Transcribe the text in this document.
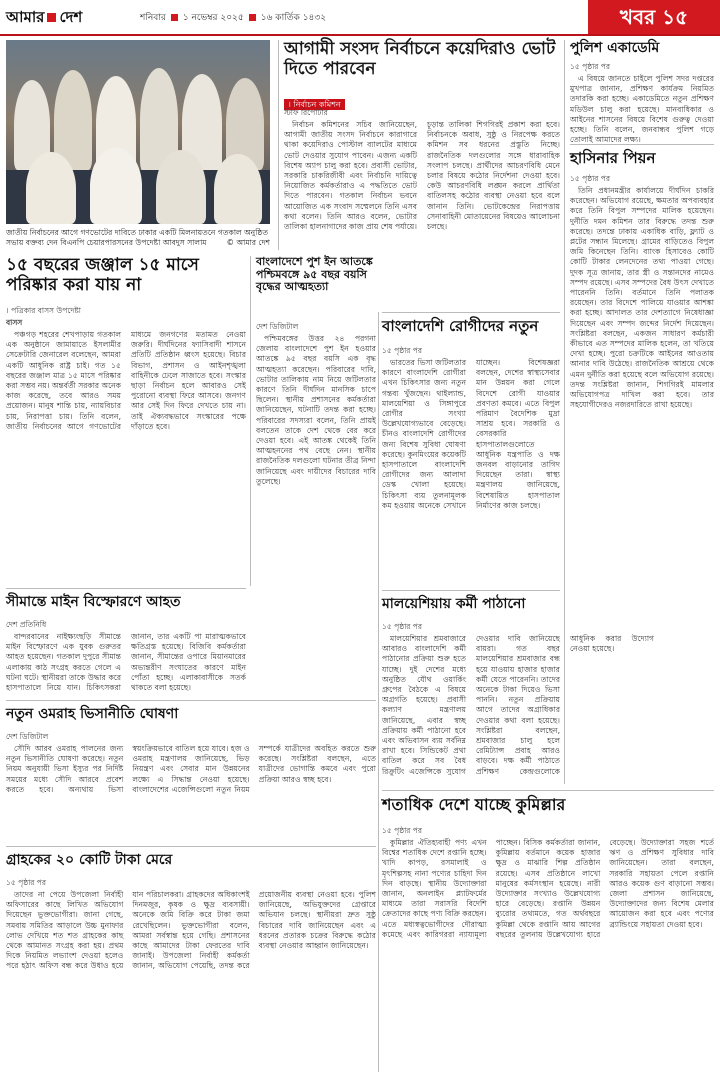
আমার দেশ	শনিবার ১ নভেম্বর ২০২৫ ১৬ কার্তিক ১৪৩২	খবর ১৫
জাতীয় নির্বাচনের আগে গণভোটের দাবিতে ঢাকার একটি মিলনায়তনে গতকাল অনুষ্ঠিত সভায় বক্তব্য দেন বিএনপি চেয়ারপারসনের উপদেষ্টা আবদুস সালাম	© আমার দেশ
১৫ বছরের জঞ্জাল ১৫ মাসে পরিষ্কার করা যায় না
। পত্রিকার বাসস উপদেষ্টা
বাসস

পঞ্চগড় শহরের শেখপাড়ায় গতকাল এক অনুষ্ঠানে জামায়াতে ইসলামীর সেক্রেটারি জেনারেল বলেছেন, আমরা একটি আধুনিক রাষ্ট্র চাই। গত ১৫ বছরের জঞ্জাল মাত্র ১৫ মাসে পরিষ্কার করা সম্ভব নয়। অন্তর্বর্তী সরকার অনেক কাজ করেছে, তবে আরও সময় প্রয়োজন। মানুষ শান্তি চায়, ন্যায়বিচার চায়, নিরাপত্তা চায়। তিনি বলেন, জাতীয় নির্বাচনের আগে গণভোটের মাধ্যমে জনগণের মতামত নেওয়া জরুরি। দীর্ঘদিনের ফ্যাসিবাদী শাসনে প্রতিটি প্রতিষ্ঠান ধ্বংস হয়েছে। বিচার বিভাগ, প্রশাসন ও আইনশৃঙ্খলা বাহিনীকে ঢেলে সাজাতে হবে। সংস্কার ছাড়া নির্বাচন হলে আবারও সেই পুরোনো ব্যবস্থা ফিরে আসবে। জনগণ আর সেই দিন ফিরে দেখতে চায় না। তাই ঐক্যবদ্ধভাবে সংস্কারের পক্ষে দাঁড়াতে হবে।

বাংলাদেশে পুশ ইন আতঙ্কে পশ্চিমবঙ্গে ৯৫ বছর বয়সি বৃদ্ধের আত্মহত্যা
দেশ ডিজিটাল

পশ্চিমবঙ্গের উত্তর ২৪ পরগনা জেলায় বাংলাদেশে পুশ ইন হওয়ার আতঙ্কে ৯৫ বছর বয়সি এক বৃদ্ধ আত্মহত্যা করেছেন। পরিবারের দাবি, ভোটার তালিকায় নাম নিয়ে জটিলতার কারণে তিনি দীর্ঘদিন মানসিক চাপে ছিলেন। স্থানীয় প্রশাসনের কর্মকর্তারা জানিয়েছেন, ঘটনাটি তদন্ত করা হচ্ছে। পরিবারের সদস্যরা বলেন, তিনি প্রায়ই বলতেন তাকে দেশ থেকে বের করে দেওয়া হবে। এই আতঙ্ক থেকেই তিনি আত্মহননের পথ বেছে নেন। স্থানীয় রাজনৈতিক দলগুলো ঘটনার তীব্র নিন্দা জানিয়েছে এবং দায়ীদের বিচারের দাবি তুলেছে।

সীমান্তে মাইন বিস্ফোরণে আহত
দেশ প্রতিনিধি

বান্দরবানের নাইক্ষ্যংছড়ি সীমান্তে মাইন বিস্ফোরণে এক যুবক গুরুতর আহত হয়েছেন। গতকাল দুপুরে সীমান্ত এলাকায় কাঠ সংগ্রহ করতে গেলে এ ঘটনা ঘটে। স্থানীয়রা তাকে উদ্ধার করে হাসপাতালে নিয়ে যান। চিকিৎসকরা জানান, তার একটি পা মারাত্মকভাবে ক্ষতিগ্রস্ত হয়েছে। বিজিবি কর্মকর্তারা জানান, সীমান্তের ওপারে মিয়ানমারের অভ্যন্তরীণ সংঘাতের কারণে মাইন পোঁতা হচ্ছে। এলাকাবাসীকে সতর্ক থাকতে বলা হয়েছে।

নতুন ওমরাহ ভিসানীতি ঘোষণা
দেশ ডিজিটাল

সৌদি আরব ওমরাহ পালনের জন্য নতুন ভিসানীতি ঘোষণা করেছে। নতুন নিয়ম অনুযায়ী ভিসা ইস্যুর পর নির্দিষ্ট সময়ের মধ্যে সৌদি আরবে প্রবেশ করতে হবে। অন্যথায় ভিসা স্বয়ংক্রিয়ভাবে বাতিল হয়ে যাবে। হজ ও ওমরাহ মন্ত্রণালয় জানিয়েছে, ভিড় নিয়ন্ত্রণ এবং সেবার মান উন্নয়নের লক্ষ্যে এ সিদ্ধান্ত নেওয়া হয়েছে। বাংলাদেশের এজেন্সিগুলো নতুন নিয়ম সম্পর্কে যাত্রীদের অবহিত করতে শুরু করেছে। সংশ্লিষ্টরা বলছেন, এতে যাত্রীদের ভোগান্তি কমবে এবং পুরো প্রক্রিয়া আরও স্বচ্ছ হবে।

গ্রাহকের ২০ কোটি টাকা মেরে
১৫ পৃষ্ঠার পর

তাদের না পেয়ে উপজেলা নির্বাহী অফিসারের কাছে লিখিত অভিযোগ দিয়েছেন ভুক্তভোগীরা। জানা গেছে, সমবায় সমিতির আড়ালে উচ্চ মুনাফার লোভ দেখিয়ে শত শত গ্রাহকের কাছ থেকে আমানত সংগ্রহ করা হয়। প্রথম দিকে নিয়মিত লভ্যাংশ দেওয়া হলেও পরে হঠাৎ অফিস বন্ধ করে উধাও হয়ে যান পরিচালকরা। গ্রাহকদের অধিকাংশই দিনমজুর, কৃষক ও ক্ষুদ্র ব্যবসায়ী। অনেকে জমি বিক্রি করে টাকা জমা রেখেছিলেন। ভুক্তভোগীরা বলেন, আমরা সর্বস্বান্ত হয়ে গেছি। প্রশাসনের কাছে আমাদের টাকা ফেরতের দাবি জানাই। উপজেলা নির্বাহী কর্মকর্তা জানান, অভিযোগ পেয়েছি, তদন্ত করে প্রয়োজনীয় ব্যবস্থা নেওয়া হবে। পুলিশ জানিয়েছে, অভিযুক্তদের গ্রেপ্তারে অভিযান চলছে। স্থানীয়রা দ্রুত সুষ্ঠু বিচারের দাবি জানিয়েছেন এবং এ ধরনের প্রতারক চক্রের বিরুদ্ধে কঠোর ব্যবস্থা নেওয়ার আহ্বান জানিয়েছেন।

আগামী সংসদ নির্বাচনে কয়েদিরাও ভোট দিতে পারবেন
। নির্বাচন কমিশন
স্টাফ রিপোর্টার

নির্বাচন কমিশনের সচিব জানিয়েছেন, আগামী জাতীয় সংসদ নির্বাচনে কারাগারে থাকা কয়েদিরাও পোস্টাল ব্যালটের মাধ্যমে ভোট দেওয়ার সুযোগ পাবেন। এজন্য একটি বিশেষ অ্যাপ চালু করা হবে। প্রবাসী ভোটার, সরকারি চাকরিজীবী এবং নির্বাচনি দায়িত্বে নিয়োজিত কর্মকর্তারাও এ পদ্ধতিতে ভোট দিতে পারবেন। গতকাল নির্বাচন ভবনে আয়োজিত এক সংবাদ সম্মেলনে তিনি এসব কথা বলেন। তিনি আরও বলেন, ভোটার তালিকা হালনাগাদের কাজ প্রায় শেষ পর্যায়ে। চূড়ান্ত তালিকা শিগগিরই প্রকাশ করা হবে। নির্বাচনকে অবাধ, সুষ্ঠু ও নিরপেক্ষ করতে কমিশন সব ধরনের প্রস্তুতি নিচ্ছে। রাজনৈতিক দলগুলোর সঙ্গে ধারাবাহিক সংলাপ চলছে। প্রার্থীদের আচরণবিধি মেনে চলার বিষয়ে কঠোর নির্দেশনা দেওয়া হবে। কেউ আচরণবিধি লঙ্ঘন করলে প্রার্থিতা বাতিলসহ কঠোর ব্যবস্থা নেওয়া হবে বলে জানান তিনি। ভোটকেন্দ্রের নিরাপত্তায় সেনাবাহিনী মোতায়েনের বিষয়েও আলোচনা চলছে।

বাংলাদেশি রোগীদের নতুন
১৫ পৃষ্ঠার পর

ভারতের ভিসা জটিলতার কারণে বাংলাদেশি রোগীরা এখন চিকিৎসার জন্য নতুন গন্তব্য খুঁজছেন। থাইল্যান্ড, মালয়েশিয়া ও সিঙ্গাপুরে রোগীর সংখ্যা উল্লেখযোগ্যভাবে বেড়েছে। চীনও বাংলাদেশি রোগীদের জন্য বিশেষ সুবিধা ঘোষণা করেছে। কুনমিংয়ের কয়েকটি হাসপাতালে বাংলাদেশি রোগীদের জন্য আলাদা ডেস্ক খোলা হয়েছে। চিকিৎসা ব্যয় তুলনামূলক কম হওয়ায় অনেকে সেখানে যাচ্ছেন। বিশেষজ্ঞরা বলছেন, দেশের স্বাস্থ্যসেবার মান উন্নয়ন করা গেলে বিদেশে রোগী যাওয়ার প্রবণতা কমবে। এতে বিপুল পরিমাণ বৈদেশিক মুদ্রা সাশ্রয় হবে। সরকারি ও বেসরকারি হাসপাতালগুলোতে আধুনিক যন্ত্রপাতি ও দক্ষ জনবল বাড়ানোর তাগিদ দিয়েছেন তারা। স্বাস্থ্য মন্ত্রণালয় জানিয়েছে, বিশেষায়িত হাসপাতাল নির্মাণের কাজ চলছে।

মালয়েশিয়ায় কর্মী পাঠানো
১৫ পৃষ্ঠার পর

মালয়েশিয়ার শ্রমবাজারে আবারও বাংলাদেশি কর্মী পাঠানোর প্রক্রিয়া শুরু হতে যাচ্ছে। দুই দেশের মধ্যে অনুষ্ঠিত যৌথ ওয়ার্কিং গ্রুপের বৈঠকে এ বিষয়ে অগ্রগতি হয়েছে। প্রবাসী কল্যাণ মন্ত্রণালয় জানিয়েছে, এবার স্বচ্ছ প্রক্রিয়ায় কর্মী পাঠানো হবে এবং অভিবাসন ব্যয় সর্বনিম্ন রাখা হবে। সিন্ডিকেট প্রথা বাতিল করে সব বৈধ রিক্রুটিং এজেন্সিকে সুযোগ দেওয়ার দাবি জানিয়েছে বায়রা। গত বছর মালয়েশিয়ার শ্রমবাজার বন্ধ হয়ে যাওয়ায় হাজার হাজার কর্মী যেতে পারেননি। তাদের অনেকে টাকা দিয়েও ভিসা পাননি। নতুন প্রক্রিয়ায় আগে তাদের অগ্রাধিকার দেওয়ার কথা বলা হয়েছে। সংশ্লিষ্টরা বলছেন, শ্রমবাজার চালু হলে রেমিট্যান্স প্রবাহ আরও বাড়বে। দক্ষ কর্মী পাঠাতে প্রশিক্ষণ কেন্দ্রগুলোকে আধুনিক করার উদ্যোগ নেওয়া হয়েছে।

শতাধিক দেশে যাচ্ছে কুমিল্লার
১৫ পৃষ্ঠার পর

কুমিল্লার ঐতিহ্যবাহী পণ্য এখন বিশ্বের শতাধিক দেশে রপ্তানি হচ্ছে। খাদি কাপড়, রসমালাই ও মৃৎশিল্পসহ নানা পণ্যের চাহিদা দিন দিন বাড়ছে। স্থানীয় উদ্যোক্তারা জানান, অনলাইন প্ল্যাটফর্মের মাধ্যমে তারা সরাসরি বিদেশি ক্রেতাদের কাছে পণ্য বিক্রি করছেন। এতে মধ্যস্বত্বভোগীদের দৌরাত্ম্য কমেছে এবং কারিগররা ন্যায্যমূল্য পাচ্ছেন। বিসিক কর্মকর্তারা জানান, কুমিল্লায় বর্তমানে কয়েক হাজার ক্ষুদ্র ও মাঝারি শিল্প প্রতিষ্ঠান রয়েছে। এসব প্রতিষ্ঠানে লাখো মানুষের কর্মসংস্থান হয়েছে। নারী উদ্যোক্তার সংখ্যাও উল্লেখযোগ্য হারে বেড়েছে। রপ্তানি উন্নয়ন ব্যুরোর তথ্যমতে, গত অর্থবছরে কুমিল্লা থেকে রপ্তানি আয় আগের বছরের তুলনায় উল্লেখযোগ্য হারে বেড়েছে। উদ্যোক্তারা সহজ শর্তে ঋণ ও প্রশিক্ষণ সুবিধার দাবি জানিয়েছেন। তারা বলছেন, সরকারি সহায়তা পেলে রপ্তানি আরও কয়েক গুণ বাড়ানো সম্ভব। জেলা প্রশাসন জানিয়েছে, উদ্যোক্তাদের জন্য বিশেষ মেলার আয়োজন করা হবে এবং পণ্যের ব্র্যান্ডিংয়ে সহায়তা দেওয়া হবে।

পুলিশ একাডেমি
১৫ পৃষ্ঠার পর

এ বিষয়ে জানতে চাইলে পুলিশ সদর দপ্তরের মুখপাত্র জানান, প্রশিক্ষণ কার্যক্রম নিয়মিত তদারকি করা হচ্ছে। একাডেমিতে নতুন প্রশিক্ষণ মডিউল চালু করা হয়েছে। মানবাধিকার ও আইনের শাসনের বিষয়ে বিশেষ গুরুত্ব দেওয়া হচ্ছে। তিনি বলেন, জনবান্ধব পুলিশ গড়ে তোলাই আমাদের লক্ষ্য।

হাসিনার পিয়ন
১৫ পৃষ্ঠার পর

তিনি প্রধানমন্ত্রীর কার্যালয়ে দীর্ঘদিন চাকরি করেছেন। অভিযোগ রয়েছে, ক্ষমতার অপব্যবহার করে তিনি বিপুল সম্পদের মালিক হয়েছেন। দুর্নীতি দমন কমিশন তার বিরুদ্ধে তদন্ত শুরু করেছে। তদন্তে ঢাকায় একাধিক বাড়ি, ফ্ল্যাট ও প্লটের সন্ধান মিলেছে। গ্রামের বাড়িতেও বিপুল জমি কিনেছেন তিনি। ব্যাংক হিসাবেও কোটি কোটি টাকার লেনদেনের তথ্য পাওয়া গেছে। দুদক সূত্র জানায়, তার স্ত্রী ও সন্তানদের নামেও সম্পদ রয়েছে। এসব সম্পদের বৈধ উৎস দেখাতে পারেননি তিনি। বর্তমানে তিনি পলাতক রয়েছেন। তার বিদেশে পালিয়ে যাওয়ার আশঙ্কা করা হচ্ছে। আদালত তার দেশত্যাগে নিষেধাজ্ঞা দিয়েছেন এবং সম্পদ জব্দের নির্দেশ দিয়েছেন। সংশ্লিষ্টরা বলছেন, একজন সাধারণ কর্মচারী কীভাবে এত সম্পদের মালিক হলেন, তা খতিয়ে দেখা হচ্ছে। পুরো চক্রটিকে আইনের আওতায় আনার দাবি উঠেছে। রাজনৈতিক আশ্রয়ে থেকে এমন দুর্নীতি করা হয়েছে বলে অভিযোগ রয়েছে। তদন্ত সংশ্লিষ্টরা জানান, শিগগিরই মামলার অভিযোগপত্র দাখিল করা হবে। তার সহযোগীদেরও নজরদারিতে রাখা হয়েছে।
